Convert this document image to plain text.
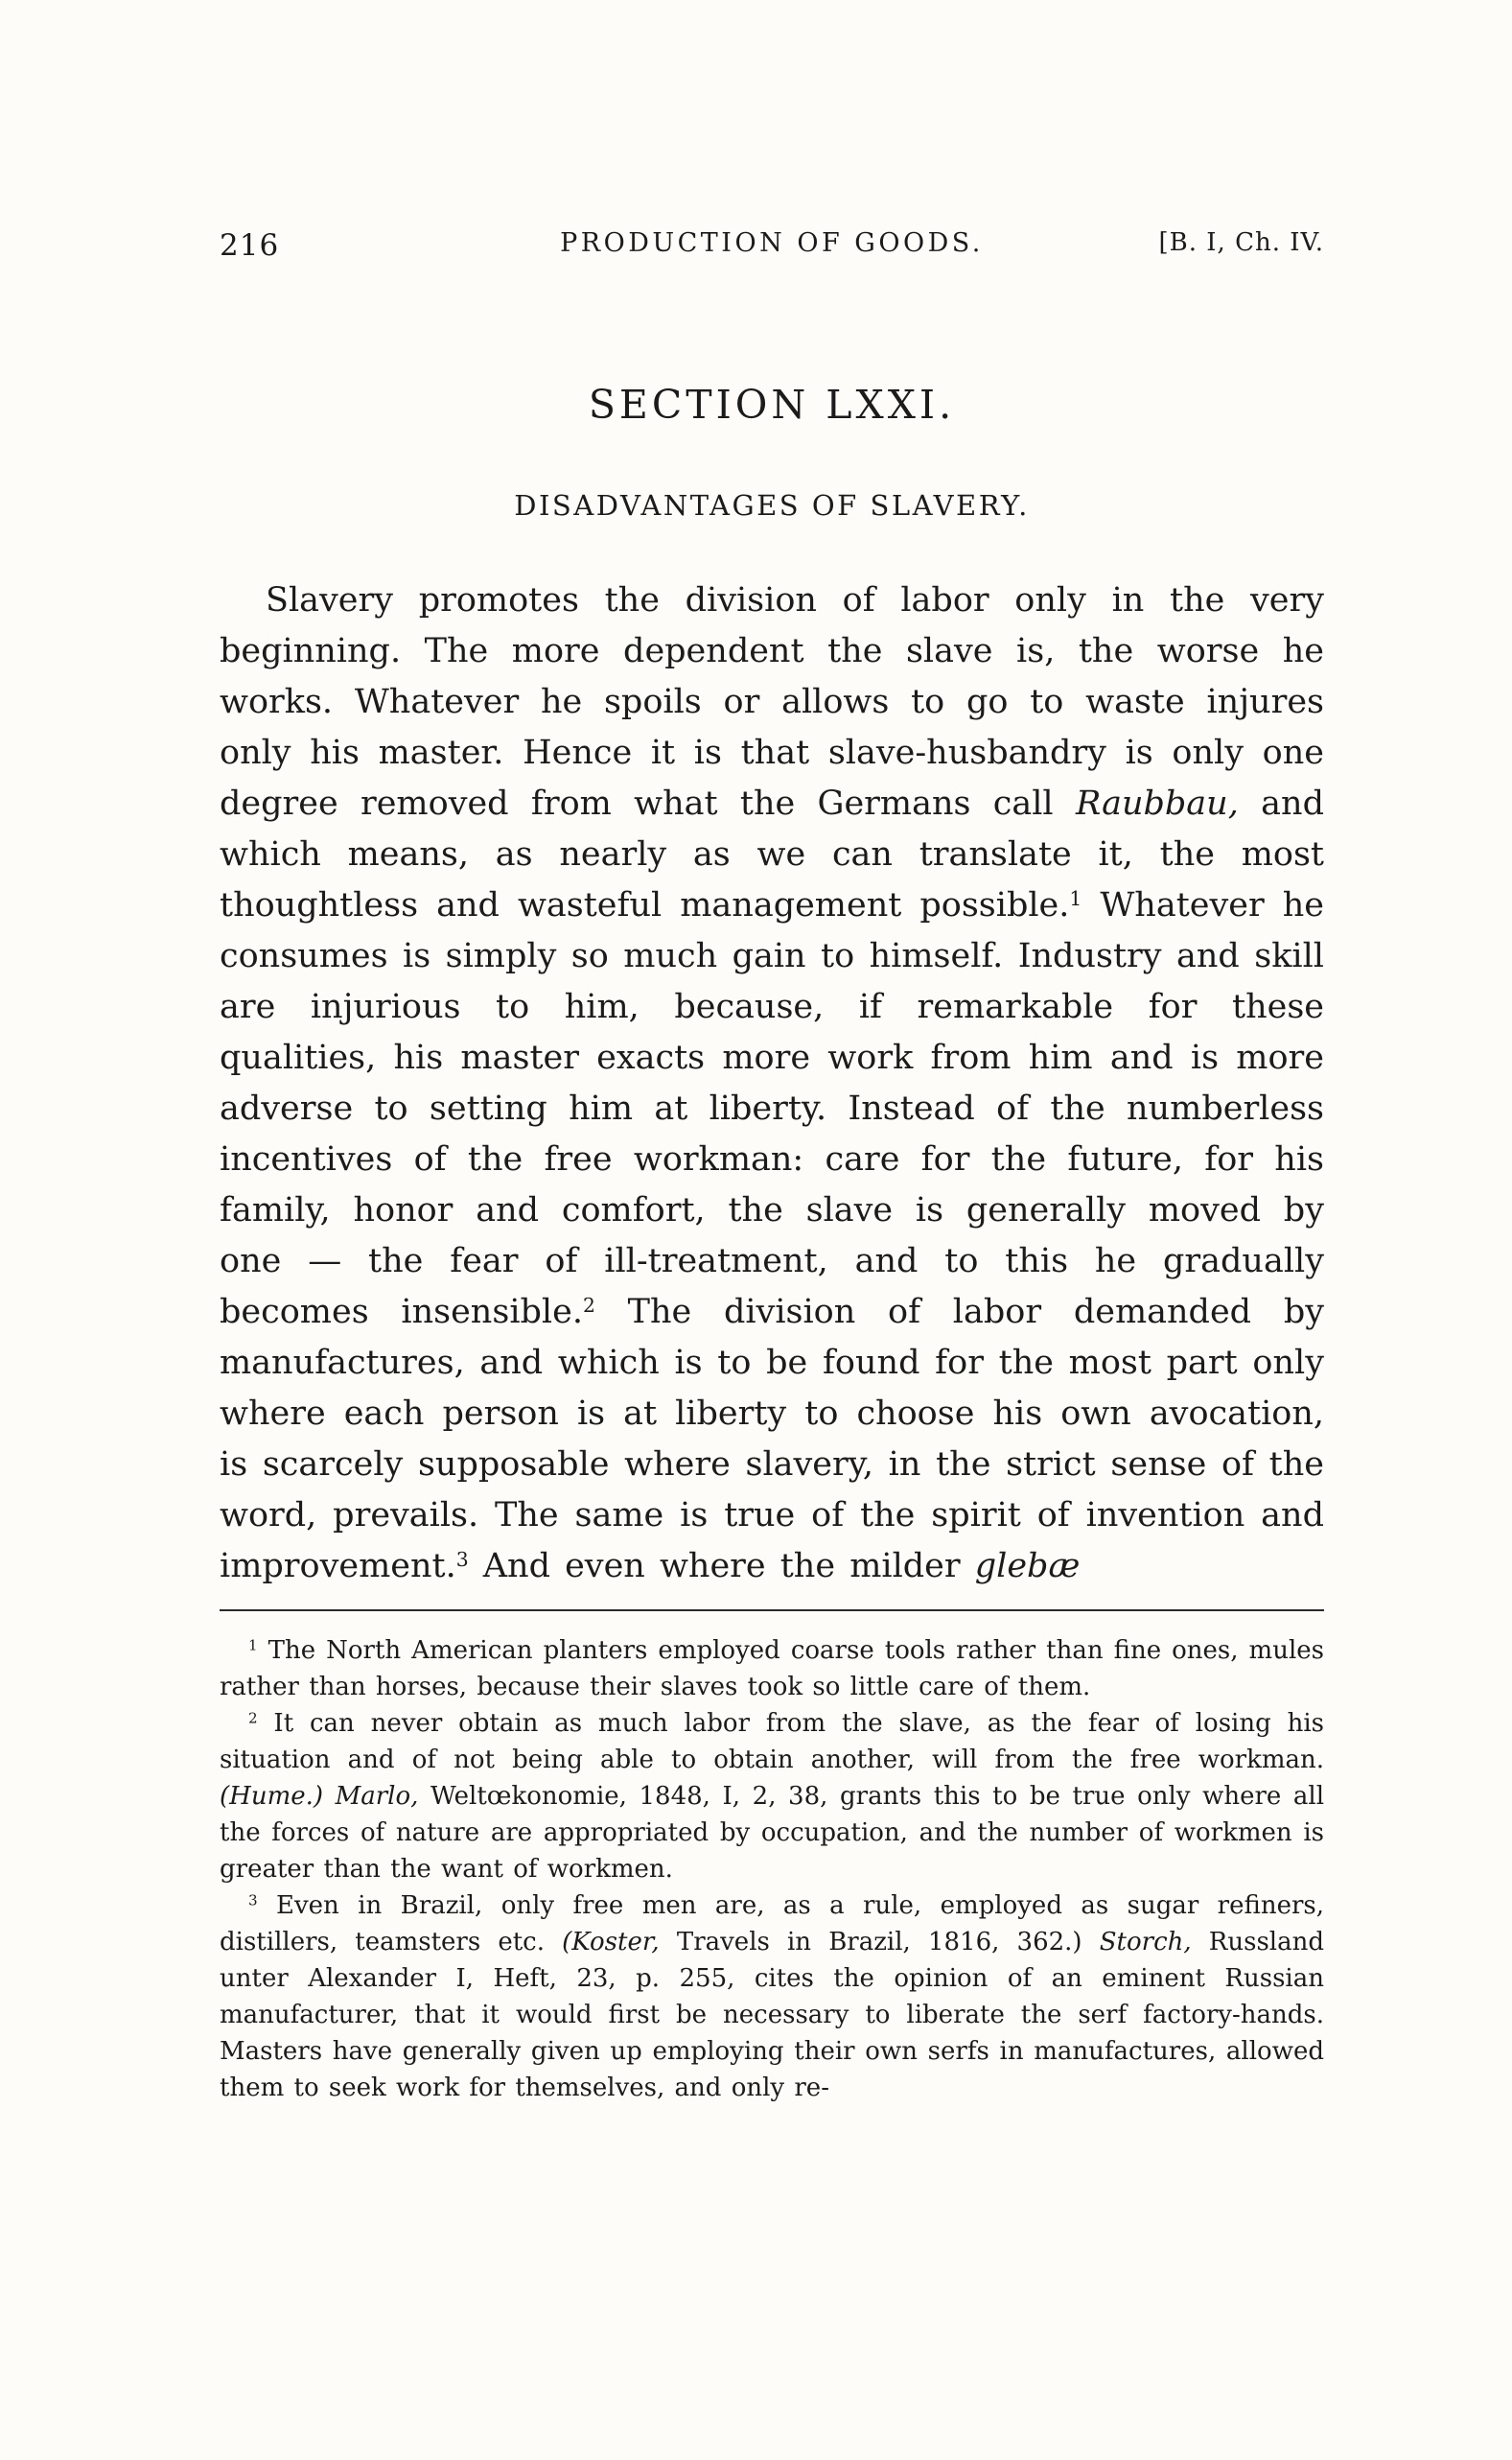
216	PRODUCTION OF GOODS.	[B. I, Ch. IV.
SECTION LXXI.
DISADVANTAGES OF SLAVERY.

Slavery promotes the division of labor only in the very beginning. The more dependent the slave is, the worse he works. Whatever he spoils or allows to go to waste injures only his master. Hence it is that slave-husbandry is only one degree removed from what the Germans call Raubbau, and which means, as nearly as we can translate it, the most thoughtless and wasteful management possible.$^1$ Whatever he consumes is simply so much gain to himself. Industry and skill are injurious to him, because, if remarkable for these qualities, his master exacts more work from him and is more adverse to setting him at liberty. Instead of the numberless incentives of the free workman: care for the future, for his family, honor and comfort, the slave is generally moved by one — the fear of ill-treatment, and to this he gradually becomes insensible.$^2$ The division of labor demanded by manufactures, and which is to be found for the most part only where each person is at liberty to choose his own avocation, is scarcely supposable where slavery, in the strict sense of the word, prevails. The same is true of the spirit of invention and improvement.$^3$ And even where the milder glebæ

$^1$ The North American planters employed coarse tools rather than fine ones, mules rather than horses, because their slaves took so little care of them.

$^2$ It can never obtain as much labor from the slave, as the fear of losing his situation and of not being able to obtain another, will from the free workman. (Hume.) Marlo, Weltœkonomie, 1848, I, 2, 38, grants this to be true only where all the forces of nature are appropriated by occupation, and the number of workmen is greater than the want of workmen.

$^3$ Even in Brazil, only free men are, as a rule, employed as sugar refiners, distillers, teamsters etc. (Koster, Travels in Brazil, 1816, 362.) Storch, Russland unter Alexander I, Heft, 23, p. 255, cites the opinion of an eminent Russian manufacturer, that it would first be necessary to liberate the serf factory-hands. Masters have generally given up employing their own serfs in manufactures, allowed them to seek work for themselves, and only re-
